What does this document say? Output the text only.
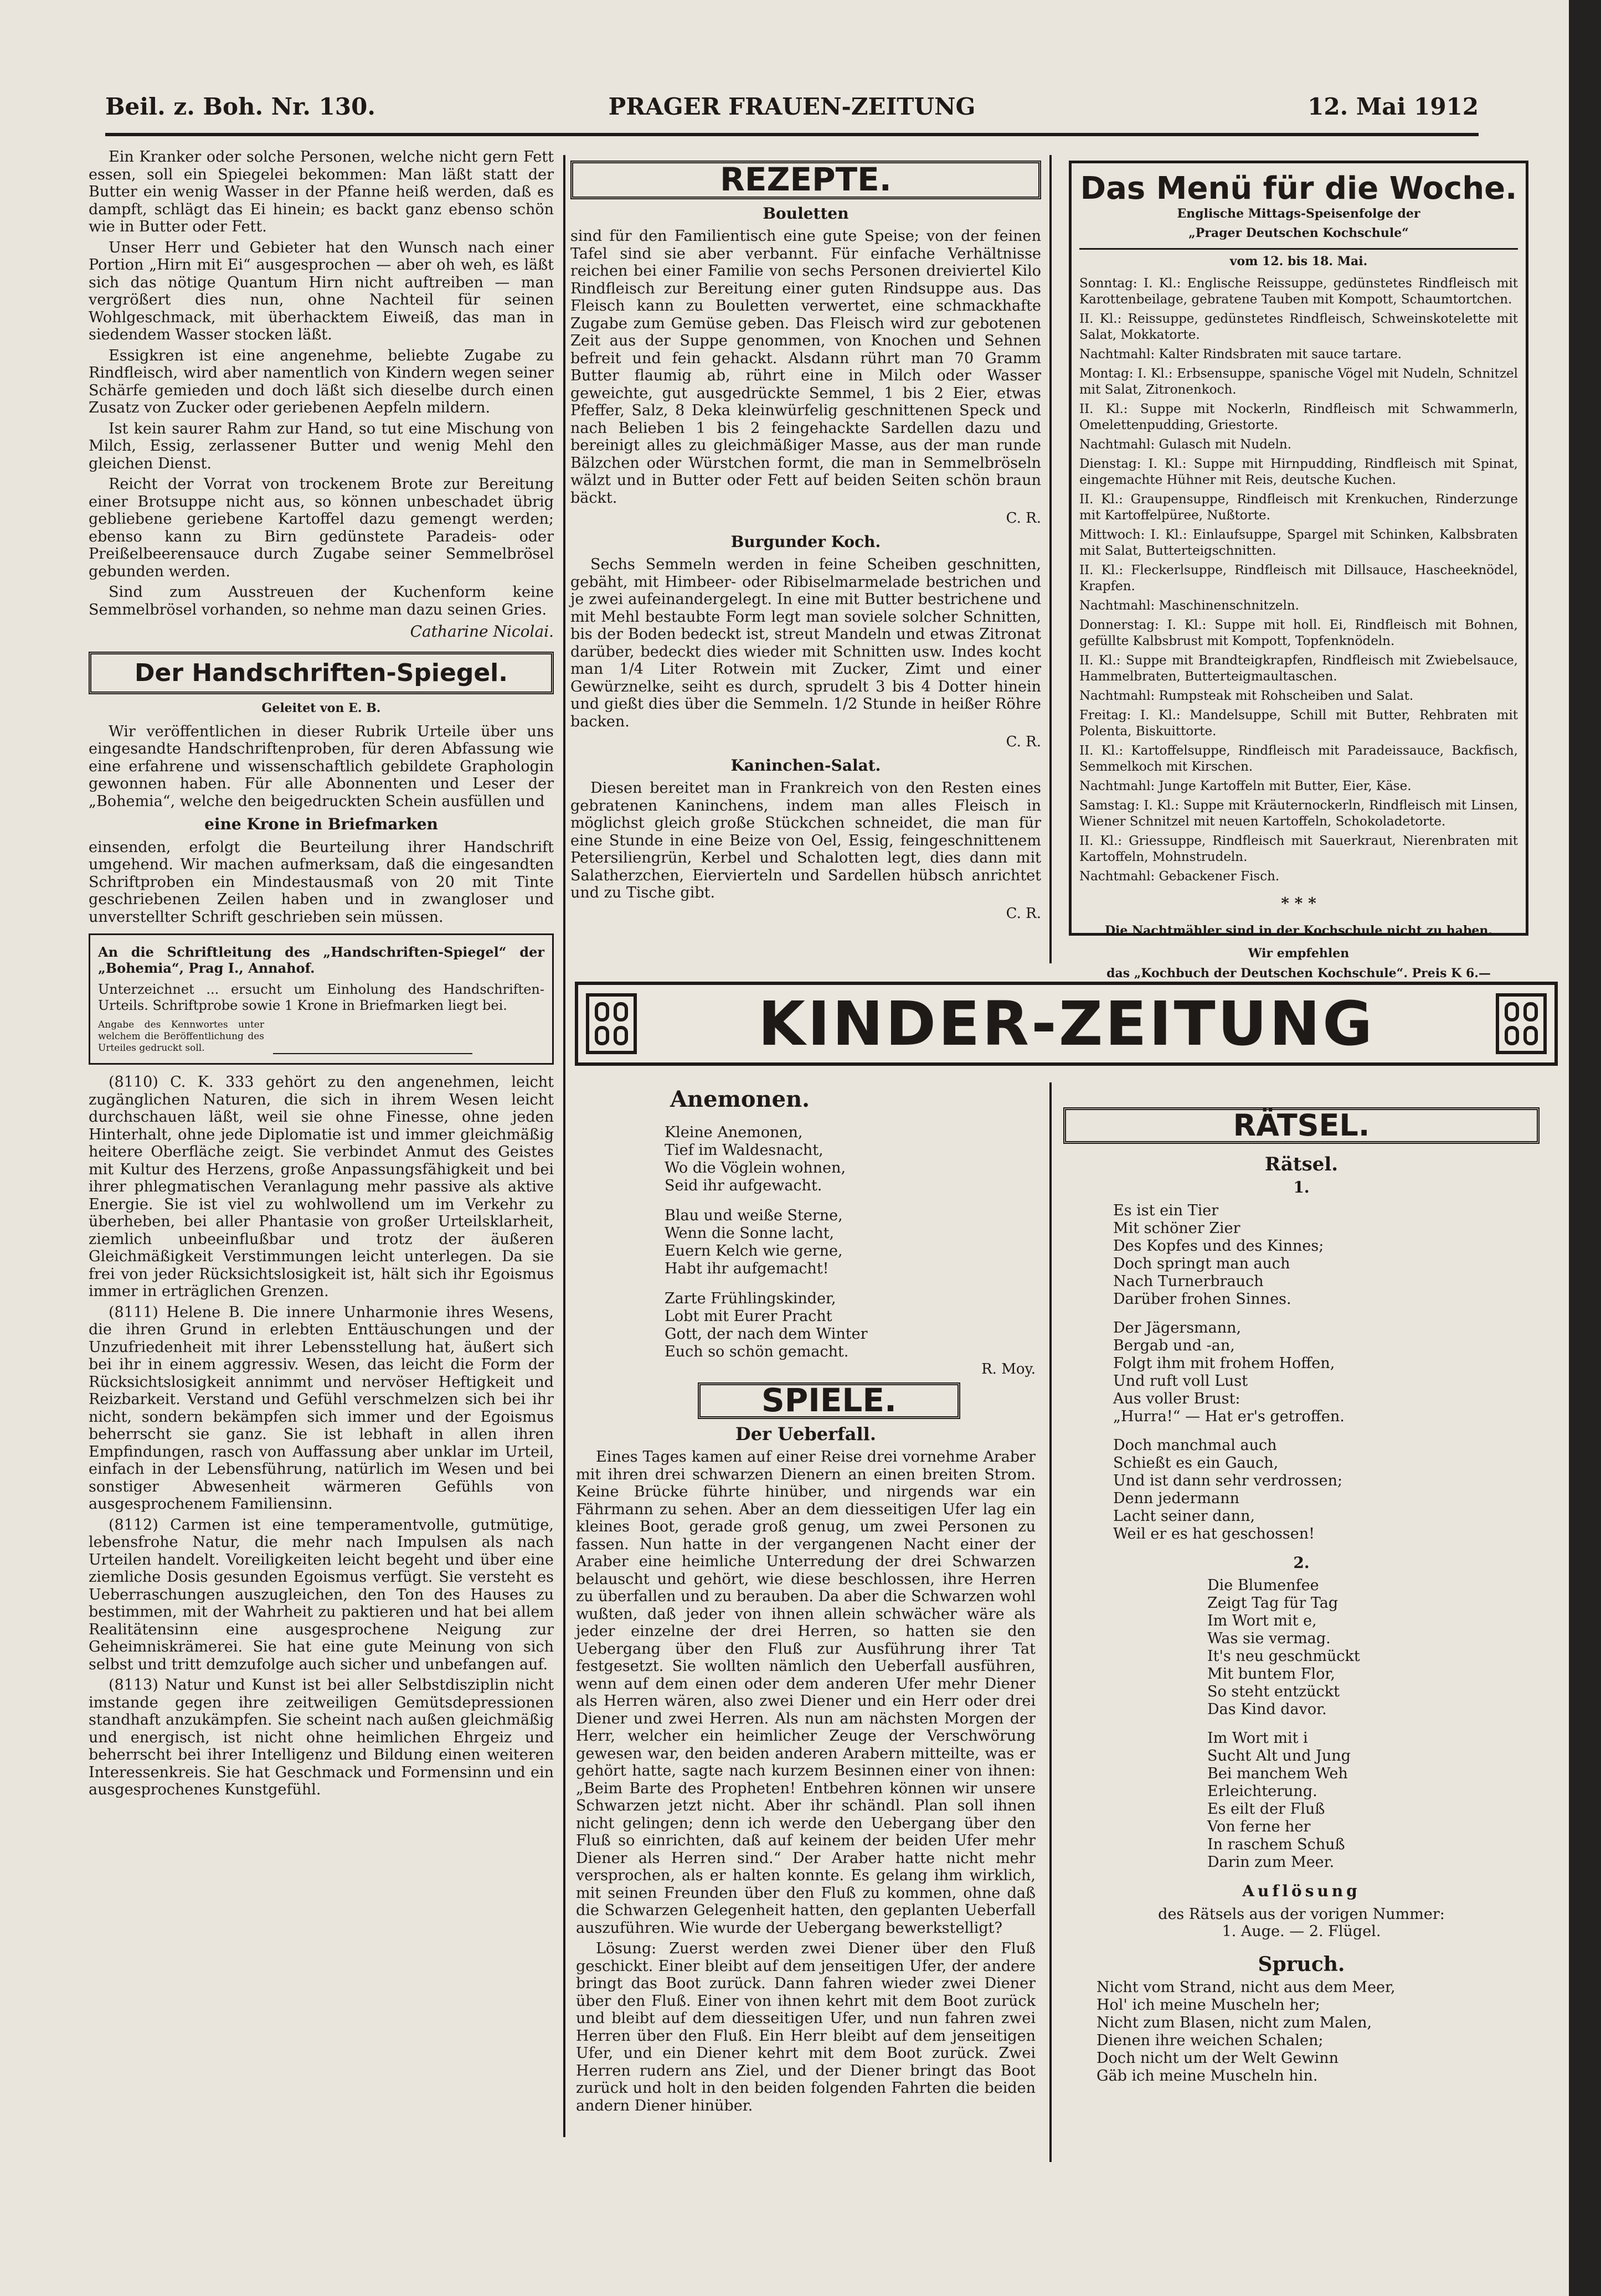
Beil. z. Boh. Nr. 130.	PRAGER FRAUEN-ZEITUNG	12. Mai 1912

Ein Kranker oder solche Personen, welche nicht gern Fett essen, soll ein Spiegelei bekommen: Man läßt statt der Butter ein wenig Wasser in der Pfanne heiß werden, daß es dampft, schlägt das Ei hinein; es backt ganz ebenso schön wie in Butter oder Fett.

Unser Herr und Gebieter hat den Wunsch nach einer Portion „Hirn mit Ei“ ausgesprochen — aber oh weh, es läßt sich das nötige Quantum Hirn nicht auftreiben — man vergrößert dies nun, ohne Nachteil für seinen Wohlgeschmack, mit überhacktem Eiweiß, das man in siedendem Wasser stocken läßt.

Essigkren ist eine angenehme, beliebte Zugabe zu Rindfleisch, wird aber namentlich von Kindern wegen seiner Schärfe gemieden und doch läßt sich dieselbe durch einen Zusatz von Zucker oder geriebenen Aepfeln mildern.

Ist kein saurer Rahm zur Hand, so tut eine Mischung von Milch, Essig, zerlassener Butter und wenig Mehl den gleichen Dienst.

Reicht der Vorrat von trockenem Brote zur Bereitung einer Brotsuppe nicht aus, so können unbeschadet übrig gebliebene geriebene Kartoffel dazu gemengt werden; ebenso kann zu Birn gedünstete Paradeis- oder Preißelbeerensauce durch Zugabe seiner Semmelbrösel gebunden werden.

Sind zum Ausstreuen der Kuchenform keine Semmelbrösel vorhanden, so nehme man dazu seinen Gries.

Catharine Nicolai.
Der Handschriften-Spiegel.
Geleitet von E. B.

Wir veröffentlichen in dieser Rubrik Urteile über uns eingesandte Handschriftenproben, für deren Abfassung wie eine erfahrene und wissenschaftlich gebildete Graphologin gewonnen haben. Für alle Abonnenten und Leser der „Bohemia“, welche den beigedruckten Schein ausfüllen und

eine Krone in Briefmarken

einsenden, erfolgt die Beurteilung ihrer Handschrift umgehend. Wir machen aufmerksam, daß die eingesandten Schriftproben ein Mindestausmaß von 20 mit Tinte geschriebenen Zeilen haben und in zwangloser und unverstellter Schrift geschrieben sein müssen.

An die Schriftleitung des „Handschriften-Spiegel“ der „Bohemia“, Prag I., Annahof.

Unterzeichnet ... ersucht um Einholung des Handschriften-Urteils. Schriftprobe sowie 1 Krone in Briefmarken liegt bei.

Angabe des Kennwortes unter welchem die Beröffentlichung des Urteiles gedruckt soll.

(8110) C. K. 333 gehört zu den angenehmen, leicht zugänglichen Naturen, die sich in ihrem Wesen leicht durchschauen läßt, weil sie ohne Finesse, ohne jeden Hinterhalt, ohne jede Diplomatie ist und immer gleichmäßig heitere Oberfläche zeigt. Sie verbindet Anmut des Geistes mit Kultur des Herzens, große Anpassungsfähigkeit und bei ihrer phlegmatischen Veranlagung mehr passive als aktive Energie. Sie ist viel zu wohlwollend um im Verkehr zu überheben, bei aller Phantasie von großer Urteilsklarheit, ziemlich unbeeinflußbar und trotz der äußeren Gleichmäßigkeit Verstimmungen leicht unterlegen. Da sie frei von jeder Rücksichtslosigkeit ist, hält sich ihr Egoismus immer in erträglichen Grenzen.

(8111) Helene B. Die innere Unharmonie ihres Wesens, die ihren Grund in erlebten Enttäuschungen und der Unzufriedenheit mit ihrer Lebensstellung hat, äußert sich bei ihr in einem aggressiv. Wesen, das leicht die Form der Rücksichtslosigkeit annimmt und nervöser Heftigkeit und Reizbarkeit. Verstand und Gefühl verschmelzen sich bei ihr nicht, sondern bekämpfen sich immer und der Egoismus beherrscht sie ganz. Sie ist lebhaft in allen ihren Empfindungen, rasch von Auffassung aber unklar im Urteil, einfach in der Lebensführung, natürlich im Wesen und bei sonstiger Abwesenheit wärmeren Gefühls von ausgesprochenem Familiensinn.

(8112) Carmen ist eine temperamentvolle, gutmütige, lebensfrohe Natur, die mehr nach Impulsen als nach Urteilen handelt. Voreiligkeiten leicht begeht und über eine ziemliche Dosis gesunden Egoismus verfügt. Sie versteht es Ueberraschungen auszugleichen, den Ton des Hauses zu bestimmen, mit der Wahrheit zu paktieren und hat bei allem Realitätensinn eine ausgesprochene Neigung zur Geheimniskrämerei. Sie hat eine gute Meinung von sich selbst und tritt demzufolge auch sicher und unbefangen auf.

(8113) Natur und Kunst ist bei aller Selbstdisziplin nicht imstande gegen ihre zeitweiligen Gemütsdepressionen standhaft anzukämpfen. Sie scheint nach außen gleichmäßig und energisch, ist nicht ohne heimlichen Ehrgeiz und beherrscht bei ihrer Intelligenz und Bildung einen weiteren Interessenkreis. Sie hat Geschmack und Formensinn und ein ausgesprochenes Kunstgefühl.

REZEPTE.
Bouletten

sind für den Familientisch eine gute Speise; von der feinen Tafel sind sie aber verbannt. Für einfache Verhältnisse reichen bei einer Familie von sechs Personen dreiviertel Kilo Rindfleisch zur Bereitung einer guten Rindsuppe aus. Das Fleisch kann zu Bouletten verwertet, eine schmackhafte Zugabe zum Gemüse geben. Das Fleisch wird zur gebotenen Zeit aus der Suppe genommen, von Knochen und Sehnen befreit und fein gehackt. Alsdann rührt man 70 Gramm Butter flaumig ab, rührt eine in Milch oder Wasser geweichte, gut ausgedrückte Semmel, 1 bis 2 Eier, etwas Pfeffer, Salz, 8 Deka kleinwürfelig geschnittenen Speck und nach Belieben 1 bis 2 feingehackte Sardellen dazu und bereinigt alles zu gleichmäßiger Masse, aus der man runde Bälzchen oder Würstchen formt, die man in Semmelbröseln wälzt und in Butter oder Fett auf beiden Seiten schön braun bäckt.

C. R.
Burgunder Koch.

Sechs Semmeln werden in feine Scheiben geschnitten, gebäht, mit Himbeer- oder Ribiselmarmelade bestrichen und je zwei aufeinandergelegt. In eine mit Butter bestrichene und mit Mehl bestaubte Form legt man soviele solcher Schnitten, bis der Boden bedeckt ist, streut Mandeln und etwas Zitronat darüber, bedeckt dies wieder mit Schnitten usw. Indes kocht man 1/4 Liter Rotwein mit Zucker, Zimt und einer Gewürznelke, seiht es durch, sprudelt 3 bis 4 Dotter hinein und gießt dies über die Semmeln. 1/2 Stunde in heißer Röhre backen.

C. R.
Kaninchen-Salat.

Diesen bereitet man in Frankreich von den Resten eines gebratenen Kaninchens, indem man alles Fleisch in möglichst gleich große Stückchen schneidet, die man für eine Stunde in eine Beize von Oel, Essig, feingeschnittenem Petersiliengrün, Kerbel und Schalotten legt, dies dann mit Salatherzchen, Eiervierteln und Sardellen hübsch anrichtet und zu Tische gibt.

C. R.
Das Menü für die Woche.
Englische Mittags-Speisenfolge der
„Prager Deutschen Kochschule“
vom 12. bis 18. Mai.

Sonntag: I. Kl.: Englische Reissuppe, gedünstetes Rindfleisch mit Karottenbeilage, gebratene Tauben mit Kompott, Schaumtortchen.

II. Kl.: Reissuppe, gedünstetes Rindfleisch, Schweinskotelette mit Salat, Mokkatorte.

Nachtmahl: Kalter Rindsbraten mit sauce tartare.

Montag: I. Kl.: Erbsensuppe, spanische Vögel mit Nudeln, Schnitzel mit Salat, Zitronenkoch.

II. Kl.: Suppe mit Nockerln, Rindfleisch mit Schwammerln, Omelettenpudding, Griestorte.

Nachtmahl: Gulasch mit Nudeln.

Dienstag: I. Kl.: Suppe mit Hirnpudding, Rindfleisch mit Spinat, eingemachte Hühner mit Reis, deutsche Kuchen.

II. Kl.: Graupensuppe, Rindfleisch mit Krenkuchen, Rinderzunge mit Kartoffelpüree, Nußtorte.

Mittwoch: I. Kl.: Einlaufsuppe, Spargel mit Schinken, Kalbsbraten mit Salat, Butterteigschnitten.

II. Kl.: Fleckerlsuppe, Rindfleisch mit Dillsauce, Hascheeknödel, Krapfen.

Nachtmahl: Maschinenschnitzeln.

Donnerstag: I. Kl.: Suppe mit holl. Ei, Rindfleisch mit Bohnen, gefüllte Kalbsbrust mit Kompott, Topfenknödeln.

II. Kl.: Suppe mit Brandteigkrapfen, Rindfleisch mit Zwiebelsauce, Hammelbraten, Butterteigmaultaschen.

Nachtmahl: Rumpsteak mit Rohscheiben und Salat.

Freitag: I. Kl.: Mandelsuppe, Schill mit Butter, Rehbraten mit Polenta, Biskuittorte.

II. Kl.: Kartoffelsuppe, Rindfleisch mit Paradeissauce, Backfisch, Semmelkoch mit Kirschen.

Nachtmahl: Junge Kartoffeln mit Butter, Eier, Käse.

Samstag: I. Kl.: Suppe mit Kräuternockerln, Rindfleisch mit Linsen, Wiener Schnitzel mit neuen Kartoffeln, Schokoladetorte.

II. Kl.: Griessuppe, Rindfleisch mit Sauerkraut, Nierenbraten mit Kartoffeln, Mohnstrudeln.

Nachtmahl: Gebackener Fisch.

* * *
Die Nachtmähler sind in der Kochschule nicht zu haben.
Wir empfehlen
das „Kochbuch der Deutschen Kochschule“. Preis K 6.—
KINDER-ZEITUNG
Anemonen.
Kleine Anemonen,
Tief im Waldesnacht,
Wo die Vöglein wohnen,
Seid ihr aufgewacht.
Blau und weiße Sterne,
Wenn die Sonne lacht,
Euern Kelch wie gerne,
Habt ihr aufgemacht!
Zarte Frühlingskinder,
Lobt mit Eurer Pracht
Gott, der nach dem Winter
Euch so schön gemacht.
R. Moy.
SPIELE.
Der Ueberfall.

Eines Tages kamen auf einer Reise drei vornehme Araber mit ihren drei schwarzen Dienern an einen breiten Strom. Keine Brücke führte hinüber, und nirgends war ein Fährmann zu sehen. Aber an dem diesseitigen Ufer lag ein kleines Boot, gerade groß genug, um zwei Personen zu fassen. Nun hatte in der vergangenen Nacht einer der Araber eine heimliche Unterredung der drei Schwarzen belauscht und gehört, wie diese beschlossen, ihre Herren zu überfallen und zu berauben. Da aber die Schwarzen wohl wußten, daß jeder von ihnen allein schwächer wäre als jeder einzelne der drei Herren, so hatten sie den Uebergang über den Fluß zur Ausführung ihrer Tat festgesetzt. Sie wollten nämlich den Ueberfall ausführen, wenn auf dem einen oder dem anderen Ufer mehr Diener als Herren wären, also zwei Diener und ein Herr oder drei Diener und zwei Herren. Als nun am nächsten Morgen der Herr, welcher ein heimlicher Zeuge der Verschwörung gewesen war, den beiden anderen Arabern mitteilte, was er gehört hatte, sagte nach kurzem Besinnen einer von ihnen: „Beim Barte des Propheten! Entbehren können wir unsere Schwarzen jetzt nicht. Aber ihr schändl. Plan soll ihnen nicht gelingen; denn ich werde den Uebergang über den Fluß so einrichten, daß auf keinem der beiden Ufer mehr Diener als Herren sind.“ Der Araber hatte nicht mehr versprochen, als er halten konnte. Es gelang ihm wirklich, mit seinen Freunden über den Fluß zu kommen, ohne daß die Schwarzen Gelegenheit hatten, den geplanten Ueberfall auszuführen. Wie wurde der Uebergang bewerkstelligt?

Lösung: Zuerst werden zwei Diener über den Fluß geschickt. Einer bleibt auf dem jenseitigen Ufer, der andere bringt das Boot zurück. Dann fahren wieder zwei Diener über den Fluß. Einer von ihnen kehrt mit dem Boot zurück und bleibt auf dem diesseitigen Ufer, und nun fahren zwei Herren über den Fluß. Ein Herr bleibt auf dem jenseitigen Ufer, und ein Diener kehrt mit dem Boot zurück. Zwei Herren rudern ans Ziel, und der Diener bringt das Boot zurück und holt in den beiden folgenden Fahrten die beiden andern Diener hinüber.

RÄTSEL.
Rätsel.
1.
Es ist ein Tier
Mit schöner Zier
Des Kopfes und des Kinnes;
Doch springt man auch
Nach Turnerbrauch
Darüber frohen Sinnes.
Der Jägersmann,
Bergab und -an,
Folgt ihm mit frohem Hoffen,
Und ruft voll Lust
Aus voller Brust:
„Hurra!“ — Hat er's getroffen.
Doch manchmal auch
Schießt es ein Gauch,
Und ist dann sehr verdrossen;
Denn jedermann
Lacht seiner dann,
Weil er es hat geschossen!
2.
Die Blumenfee
Zeigt Tag für Tag
Im Wort mit e,
Was sie vermag.
It's neu geschmückt
Mit buntem Flor,
So steht entzückt
Das Kind davor.
Im Wort mit i
Sucht Alt und Jung
Bei manchem Weh
Erleichterung.
Es eilt der Fluß
Von ferne her
In raschem Schuß
Darin zum Meer.
Auflösung
des Rätsels aus der vorigen Nummer:
1. Auge. — 2. Flügel.
Spruch.
Nicht vom Strand, nicht aus dem Meer,
Hol' ich meine Muscheln her;
Nicht zum Blasen, nicht zum Malen,
Dienen ihre weichen Schalen;
Doch nicht um der Welt Gewinn
Gäb ich meine Muscheln hin.
